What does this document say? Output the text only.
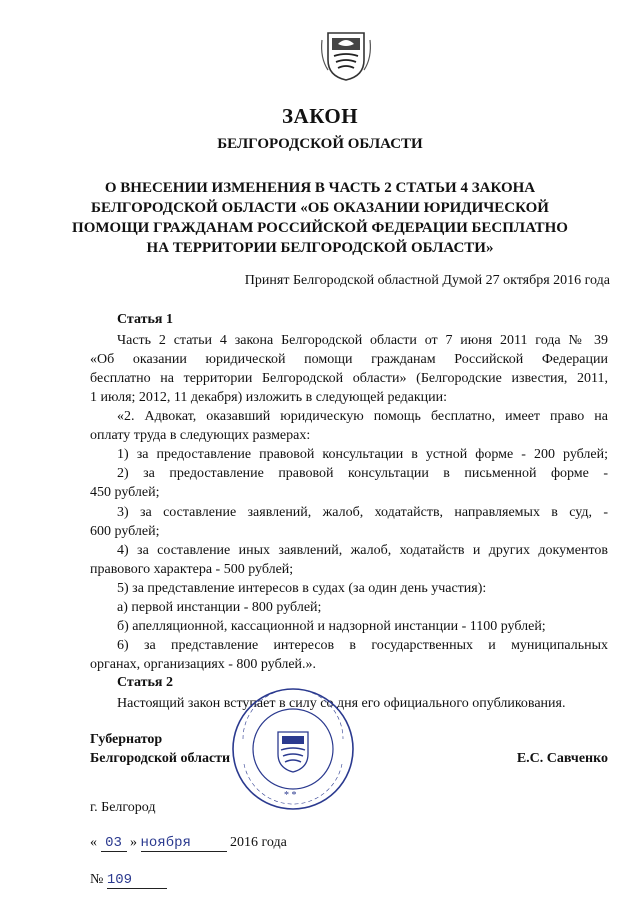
ЗАКОН
БЕЛГОРОДСКОЙ ОБЛАСТИ
О ВНЕСЕНИИ ИЗМЕНЕНИЯ В ЧАСТЬ 2 СТАТЬИ 4 ЗАКОНА
БЕЛГОРОДСКОЙ ОБЛАСТИ «ОБ ОКАЗАНИИ ЮРИДИЧЕСКОЙ
ПОМОЩИ ГРАЖДАНАМ РОССИЙСКОЙ ФЕДЕРАЦИИ БЕСПЛАТНО
НА ТЕРРИТОРИИ БЕЛГОРОДСКОЙ ОБЛАСТИ»
Принят Белгородской областной Думой 27 октября 2016 года
Статья 1
Часть 2 статьи 4 закона Белгородской области от 7 июня 2011 года № 39
«Об оказании юридической помощи гражданам Российской Федерации
бесплатно на территории Белгородской области» (Белгородские известия, 2011,
1 июля; 2012, 11 декабря) изложить в следующей редакции:
«2. Адвокат, оказавший юридическую помощь бесплатно, имеет право на
оплату труда в следующих размерах:
1) за предоставление правовой консультации в устной форме - 200 рублей;
2) за предоставление правовой консультации в письменной форме -
450 рублей;
3) за составление заявлений, жалоб, ходатайств, направляемых в суд, -
600 рублей;
4) за составление иных заявлений, жалоб, ходатайств и других документов
правового характера - 500 рублей;
5) за представление интересов в судах (за один день участия):
а) первой инстанции - 800 рублей;
б) апелляционной, кассационной и надзорной инстанции - 1100 рублей;
6) за представление интересов в государственных и муниципальных
органах, организациях - 800 рублей.».
Статья 2
Настоящий закон вступает в силу со дня его официального опубликования.
Губернатор
Белгородской области	Е.С. Савченко
* *
г. Белгород
« 03 » ноября	2016 года
№ 109
